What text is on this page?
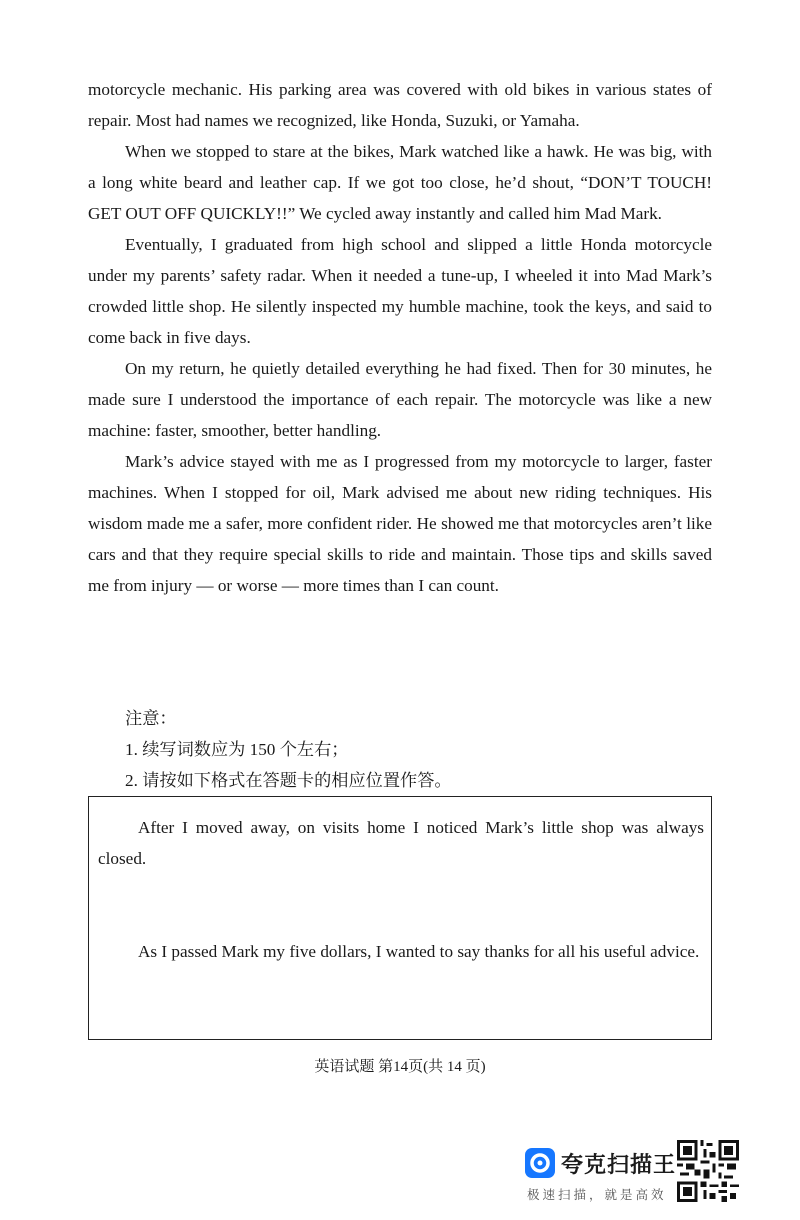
motorcycle mechanic. His parking area was covered with old bikes in various states of repair. Most had names we recognized, like Honda, Suzuki, or Yamaha.

When we stopped to stare at the bikes, Mark watched like a hawk. He was big, with a long white beard and leather cap. If we got too close, he’d shout, “DON’T TOUCH! GET OUT OFF QUICKLY!!” We cycled away instantly and called him Mad Mark.

Eventually, I graduated from high school and slipped a little Honda motorcycle under my parents’ safety radar. When it needed a tune-up, I wheeled it into Mad Mark’s crowded little shop. He silently inspected my humble machine, took the keys, and said to come back in five days.

On my return, he quietly detailed everything he had fixed. Then for 30 minutes, he made sure I understood the importance of each repair. The motorcycle was like a new machine: faster, smoother, better handling.

Mark’s advice stayed with me as I progressed from my motorcycle to larger, faster machines. When I stopped for oil, Mark advised me about new riding techniques. His wisdom made me a safer, more confident rider. He showed me that motorcycles aren’t like cars and that they require special skills to ride and maintain. Those tips and skills saved me from injury — or worse — more times than I can count.

注意：
1. 续写词数应为 150 个左右；
2. 请按如下格式在答题卡的相应位置作答。

After I moved away, on visits home I noticed Mark’s little shop was always closed.

As I passed Mark my five dollars, I wanted to say thanks for all his useful advice.

英语试题 第14页(共 14 页)
夸克扫描王
极速扫描，就是高效
